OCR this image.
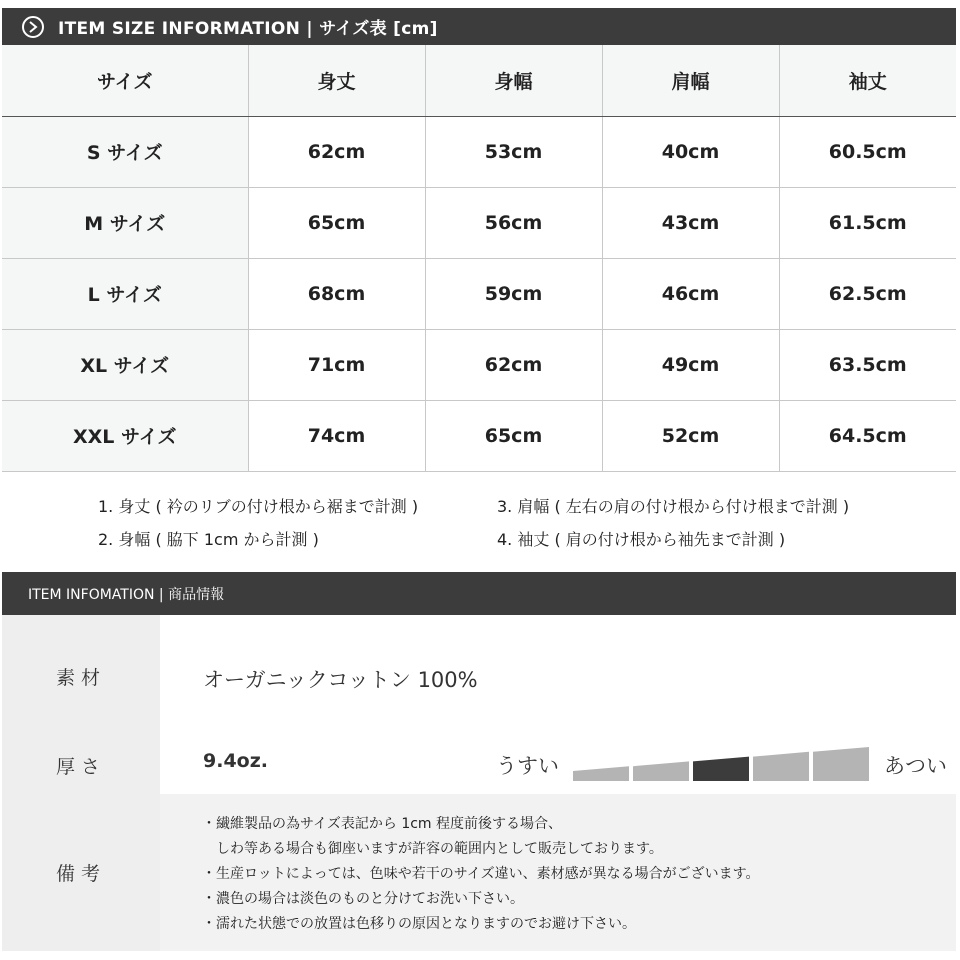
ITEM SIZE INFORMATION | サイズ表 [cm]
サイズ	身丈	身幅	肩幅	袖丈
S サイズ	62cm	53cm	40cm	60.5cm
M サイズ	65cm	56cm	43cm	61.5cm
L サイズ	68cm	59cm	46cm	62.5cm
XL サイズ	71cm	62cm	49cm	63.5cm
XXL サイズ	74cm	65cm	52cm	64.5cm
1. 身丈 ( 衿のリブの付け根から裾まで計測 )
2. 身幅 ( 脇下 1cm から計測 )
3. 肩幅 ( 左右の肩の付け根から付け根まで計測 )
4. 袖丈 ( 肩の付け根から袖先まで計測 )
ITEM INFOMATION | 商品情報
素材	オーガニックコットン 100%
厚さ	9.4oz.	うすい	あつい
備考
・繊維製品の為サイズ表記から 1cm 程度前後する場合、
　しわ等ある場合も御座いますが許容の範囲内として販売しております。
・生産ロットによっては、色味や若干のサイズ違い、素材感が異なる場合がございます。
・濃色の場合は淡色のものと分けてお洗い下さい。
・濡れた状態での放置は色移りの原因となりますのでお避け下さい。
